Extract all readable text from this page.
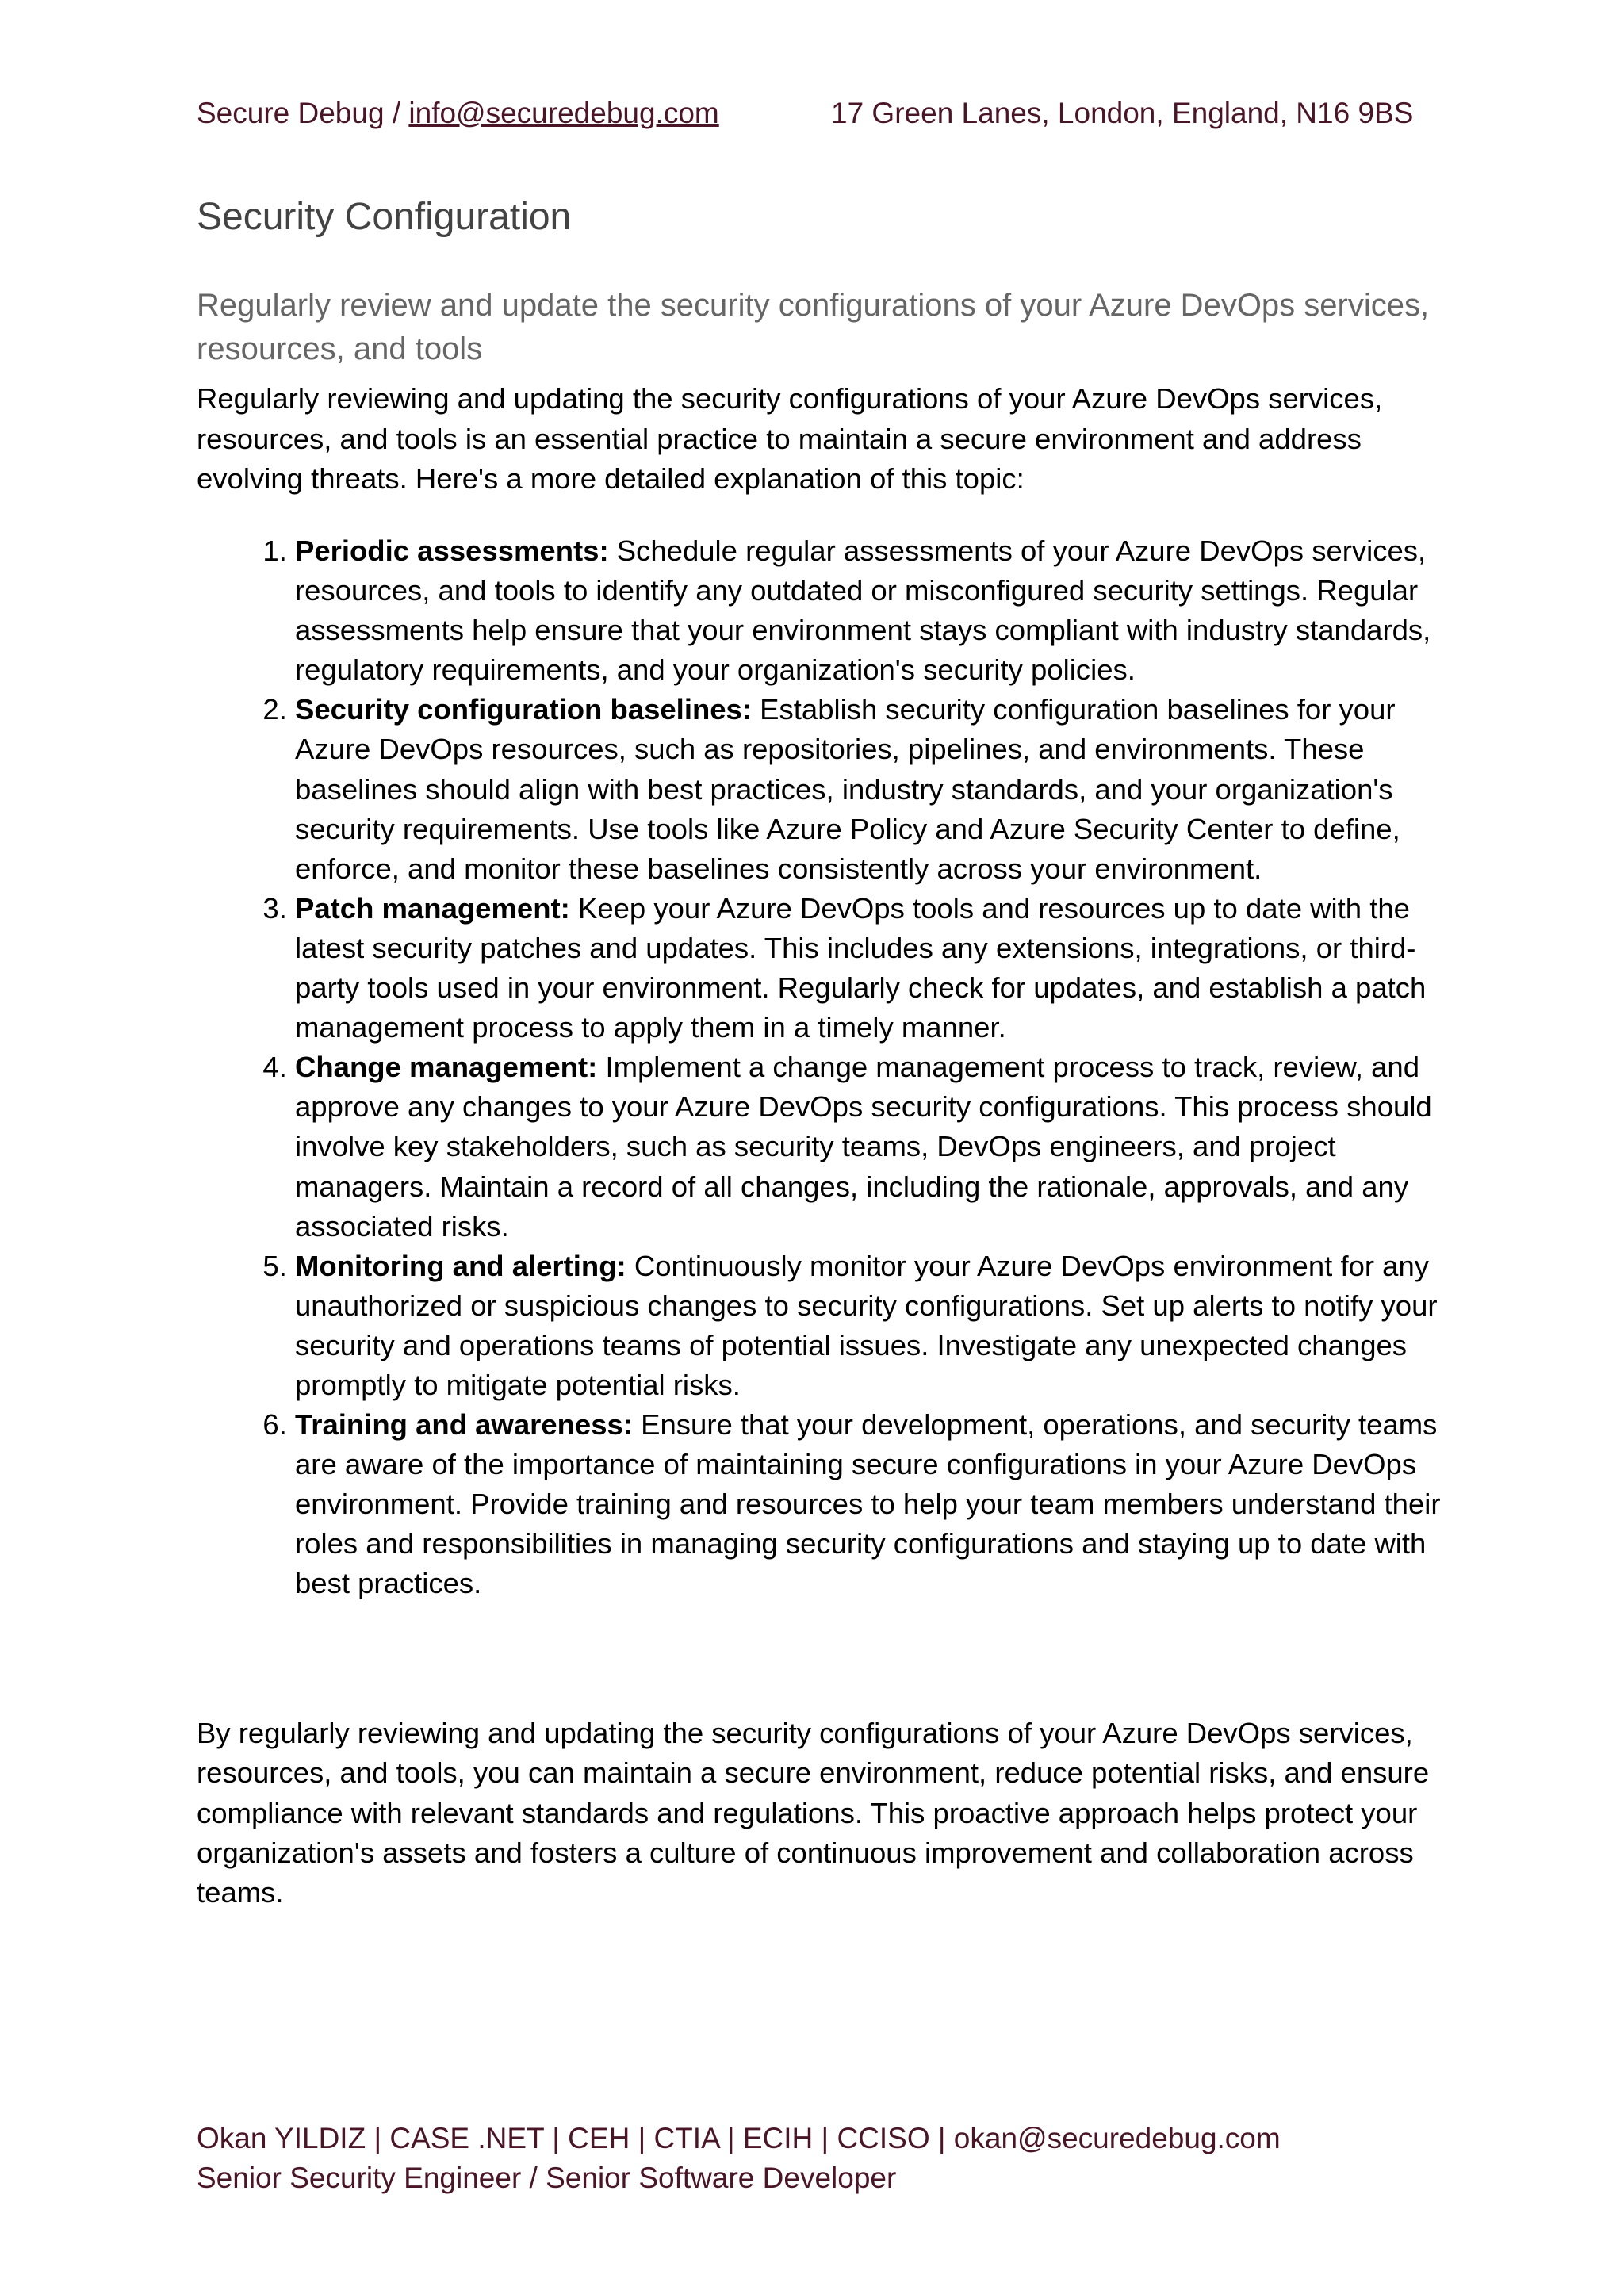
Secure Debug / info@securedebug.com	17 Green Lanes, London, England, N16 9BS
Security Configuration
Regularly review and update the security configurations of your Azure DevOps services, resources, and tools

Regularly reviewing and updating the security configurations of your Azure DevOps services, resources, and tools is an essential practice to maintain a secure environment and address evolving threats. Here's a more detailed explanation of this topic:

1. Periodic assessments: Schedule regular assessments of your Azure DevOps services, resources, and tools to identify any outdated or misconfigured security settings. Regular assessments help ensure that your environment stays compliant with industry standards, regulatory requirements, and your organization's security policies.
2. Security configuration baselines: Establish security configuration baselines for your Azure DevOps resources, such as repositories, pipelines, and environments. These baselines should align with best practices, industry standards, and your organization's security requirements. Use tools like Azure Policy and Azure Security Center to define, enforce, and monitor these baselines consistently across your environment.
3. Patch management: Keep your Azure DevOps tools and resources up to date with the latest security patches and updates. This includes any extensions, integrations, or third-party tools used in your environment. Regularly check for updates, and establish a patch management process to apply them in a timely manner.
4. Change management: Implement a change management process to track, review, and approve any changes to your Azure DevOps security configurations. This process should involve key stakeholders, such as security teams, DevOps engineers, and project managers. Maintain a record of all changes, including the rationale, approvals, and any associated risks.
5. Monitoring and alerting: Continuously monitor your Azure DevOps environment for any unauthorized or suspicious changes to security configurations. Set up alerts to notify your security and operations teams of potential issues. Investigate any unexpected changes promptly to mitigate potential risks.
6. Training and awareness: Ensure that your development, operations, and security teams are aware of the importance of maintaining secure configurations in your Azure DevOps environment. Provide training and resources to help your team members understand their roles and responsibilities in managing security configurations and staying up to date with best practices.

By regularly reviewing and updating the security configurations of your Azure DevOps services, resources, and tools, you can maintain a secure environment, reduce potential risks, and ensure compliance with relevant standards and regulations. This proactive approach helps protect your organization's assets and fosters a culture of continuous improvement and collaboration across teams.

Okan YILDIZ | CASE .NET | CEH | CTIA | ECIH | CCISO | okan@securedebug.com
Senior Security Engineer / Senior Software Developer
